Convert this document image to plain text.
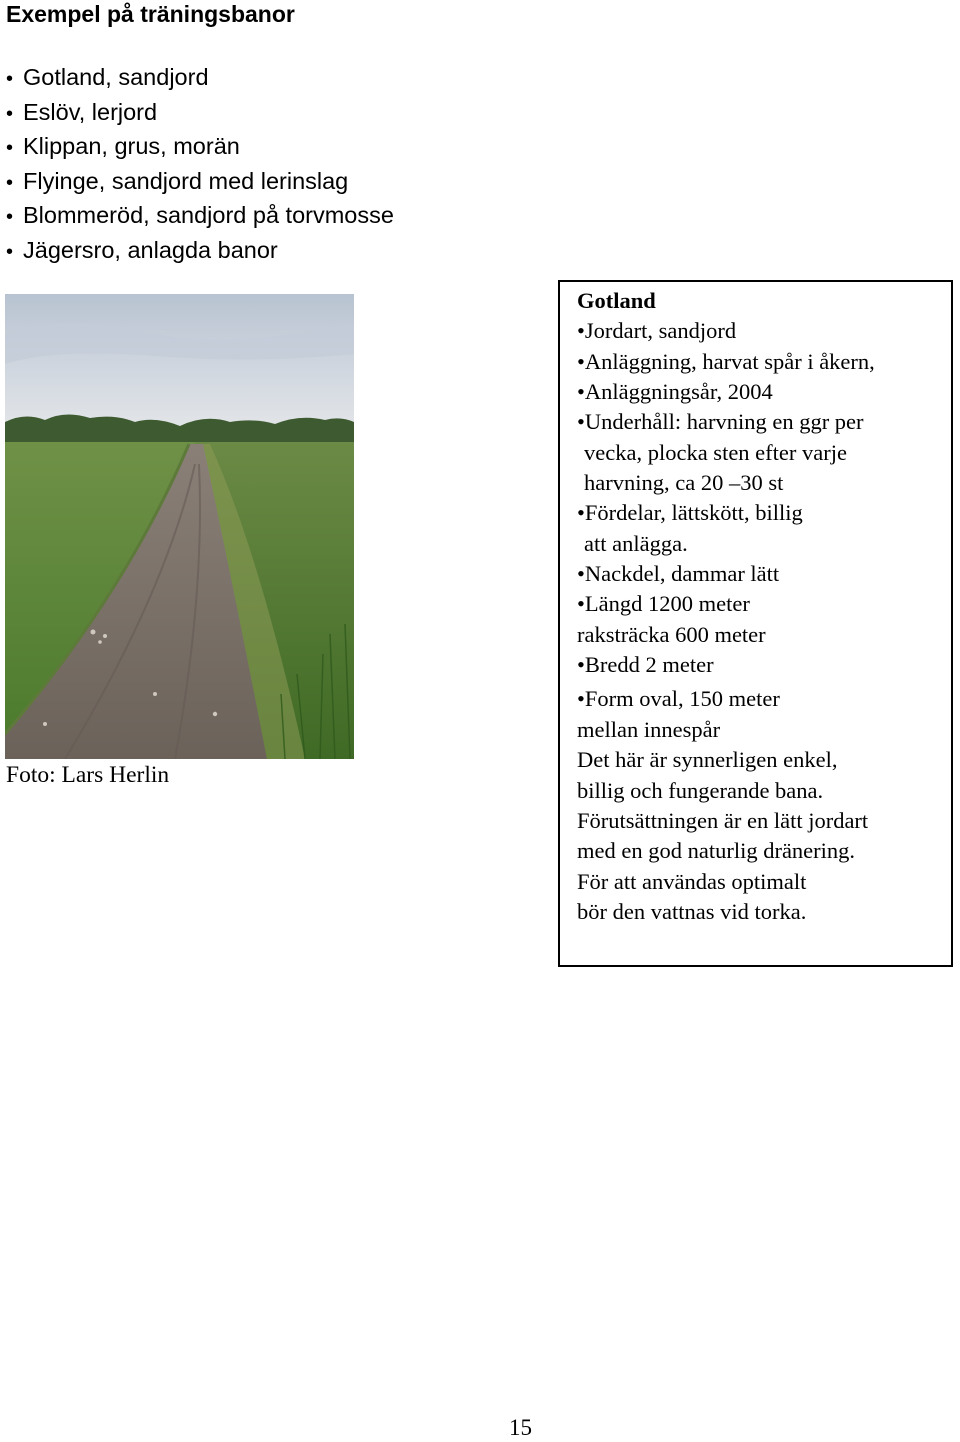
Exempel på träningsbanor
• Gotland, sandjord
• Eslöv, lerjord
• Klippan, grus, morän
• Flyinge, sandjord med lerinslag
• Blommeröd, sandjord på torvmosse
• Jägersro, anlagda banor
Foto: Lars Herlin
Gotland
•Jordart, sandjord
•Anläggning, harvat spår i åkern,
•Anläggningsår, 2004
•Underhåll: harvning en ggr per
vecka, plocka sten efter varje
harvning, ca 20 –30 st
•Fördelar, lättskött, billig
att anlägga.
•Nackdel, dammar lätt
•Längd 1200 meter
raksträcka 600 meter
•Bredd 2 meter
•Form oval, 150 meter
mellan innespår
Det här är synnerligen enkel,
billig och fungerande bana.
Förutsättningen är en lätt jordart
med en god naturlig dränering.
För att användas optimalt
bör den vattnas vid torka.
15
